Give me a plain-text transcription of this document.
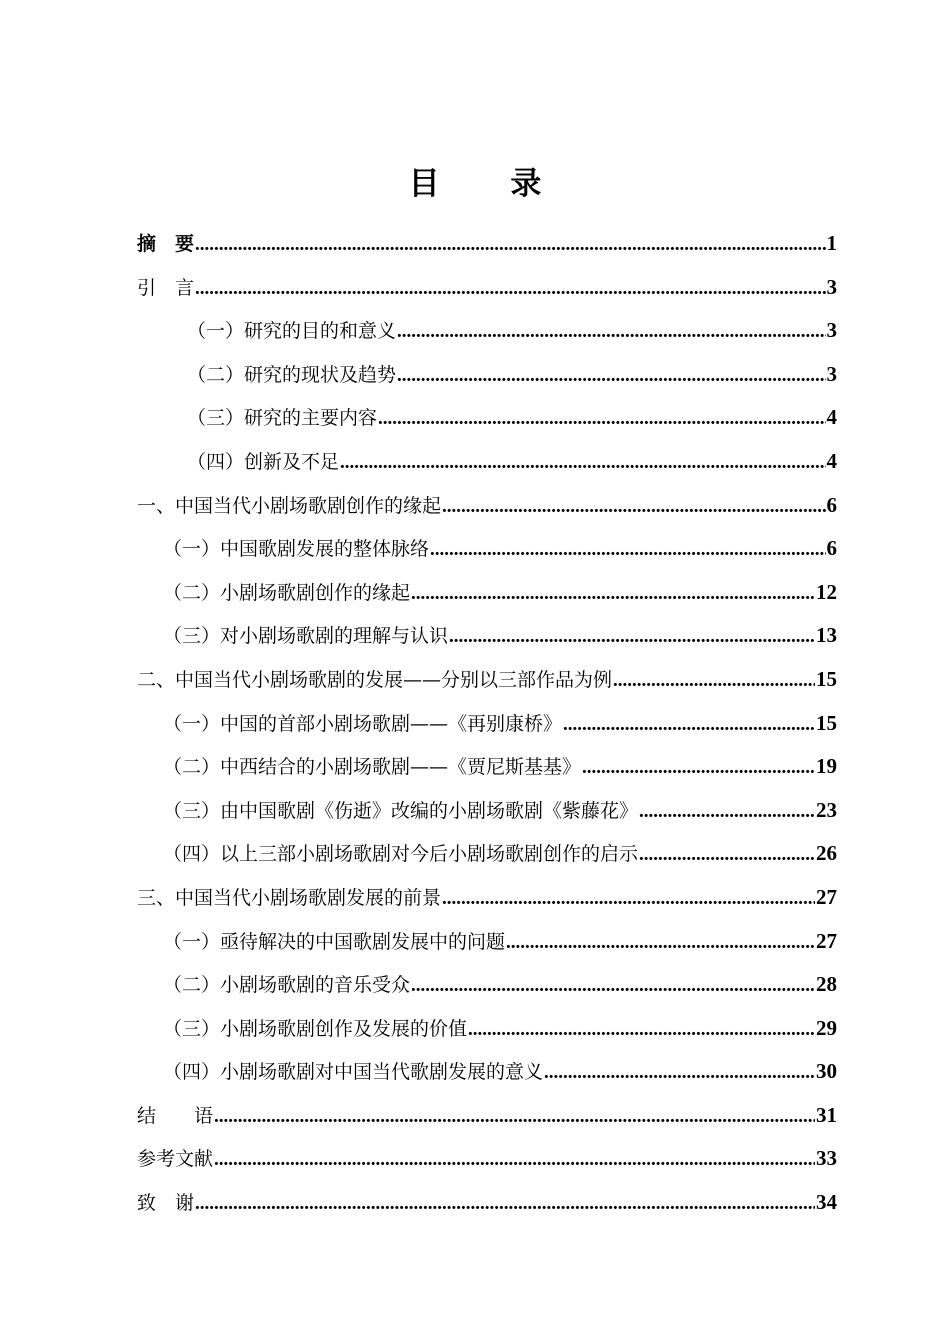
目 录
摘　要 .....	1
引　言 .....	3
（一）研究的目的和意义 .....	3
（二）研究的现状及趋势 .....	3
（三）研究的主要内容 .....	4
（四）创新及不足 .....	4
一、中国当代小剧场歌剧创作的缘起 .....	6
（一）中国歌剧发展的整体脉络 .....	6
（二）小剧场歌剧创作的缘起 .....	12
（三）对小剧场歌剧的理解与认识 .....	13
二、中国当代小剧场歌剧的发展——分别以三部作品为例 .....	15
（一）中国的首部小剧场歌剧——《再别康桥》 .....	15
（二）中西结合的小剧场歌剧——《贾尼斯基基》 .....	19
（三）由中国歌剧《伤逝》改编的小剧场歌剧《紫藤花》 .....	23
（四）以上三部小剧场歌剧对今后小剧场歌剧创作的启示 .....	26
三、中国当代小剧场歌剧发展的前景 .....	27
（一）亟待解决的中国歌剧发展中的问题 .....	27
（二）小剧场歌剧的音乐受众 .....	28
（三）小剧场歌剧创作及发展的价值 .....	29
（四）小剧场歌剧对中国当代歌剧发展的意义 .....	30
结　　语 .....	31
参考文献 .....	33
致　谢 .....	34
